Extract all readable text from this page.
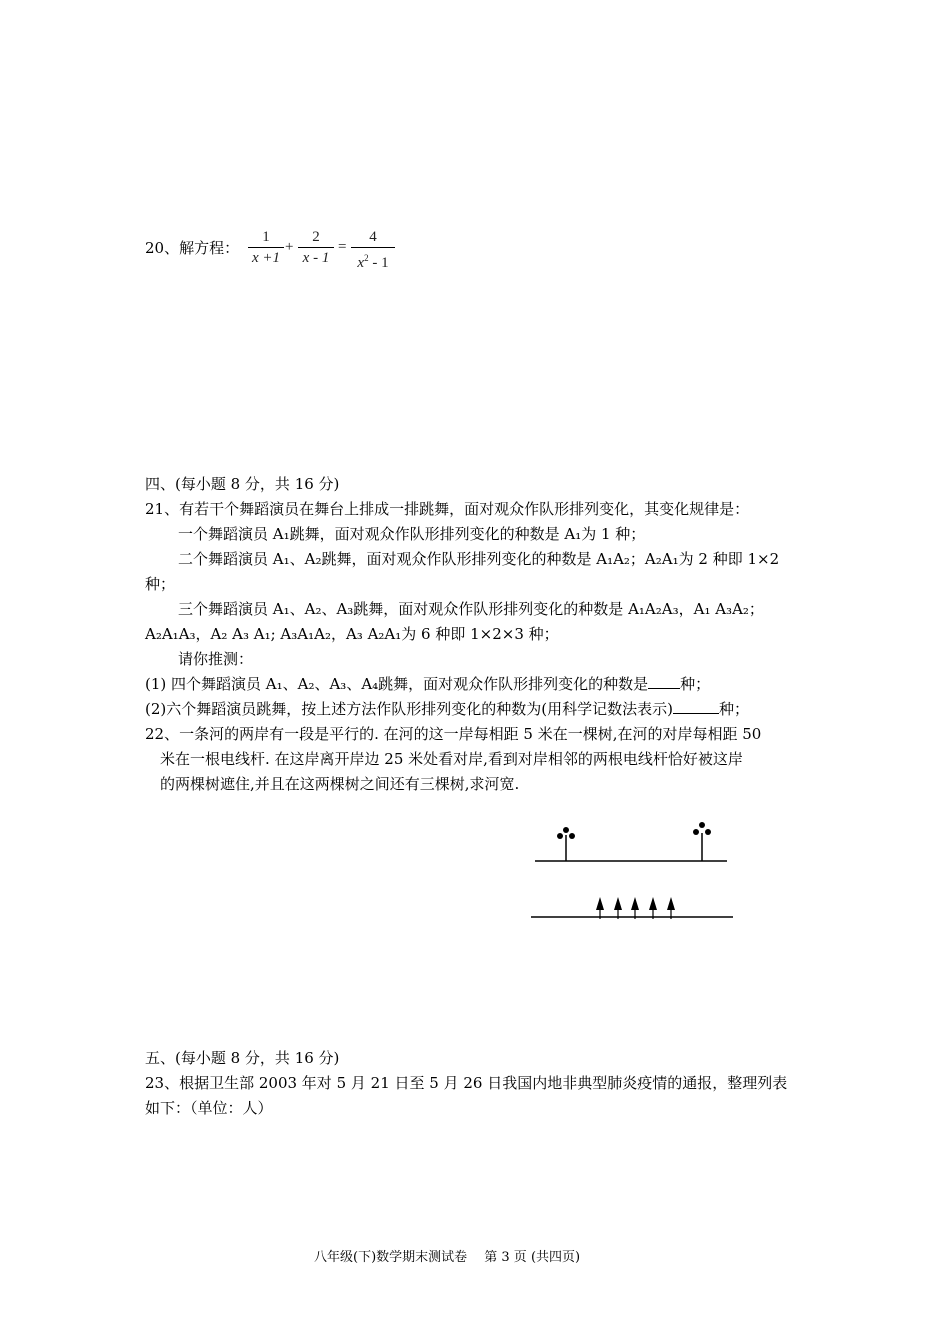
20、解方程：
1
x +1
+
2
x - 1
=
4
$x^2 - 1$
四、(每小题 8 分，共 16 分)
21、有若干个舞蹈演员在舞台上排成一排跳舞，面对观众作队形排列变化，其变化规律是：
一个舞蹈演员 A₁跳舞，面对观众作队形排列变化的种数是 A₁为 1 种；
二个舞蹈演员 A₁、A₂跳舞，面对观众作队形排列变化的种数是 A₁A₂；A₂A₁为 2 种即 1×2
种；
三个舞蹈演员 A₁、A₂、A₃跳舞，面对观众作队形排列变化的种数是 A₁A₂A₃，A₁ A₃A₂；
A₂A₁A₃，A₂ A₃ A₁; A₃A₁A₂，A₃ A₂A₁为 6 种即 1×2×3 种；
请你推测：
(1) 四个舞蹈演员 A₁、A₂、A₃、A₄跳舞，面对观众作队形排列变化的种数是 种；
(2)六个舞蹈演员跳舞，按上述方法作队形排列变化的种数为(用科学记数法表示)	种；
22、一条河的两岸有一段是平行的. 在河的这一岸每相距 5 米在一棵树,在河的对岸每相距 50
米在一根电线杆. 在这岸离开岸边 25 米处看对岸,看到对岸相邻的两根电线杆恰好被这岸
的两棵树遮住,并且在这两棵树之间还有三棵树,求河宽.
五、(每小题 8 分，共 16 分)
23、根据卫生部 2003 年对 5 月 21 日至 5 月 26 日我国内地非典型肺炎疫情的通报，整理列表
如下：（单位：人）
八年级(下)数学期末测试卷　 第 3 页 (共四页)
